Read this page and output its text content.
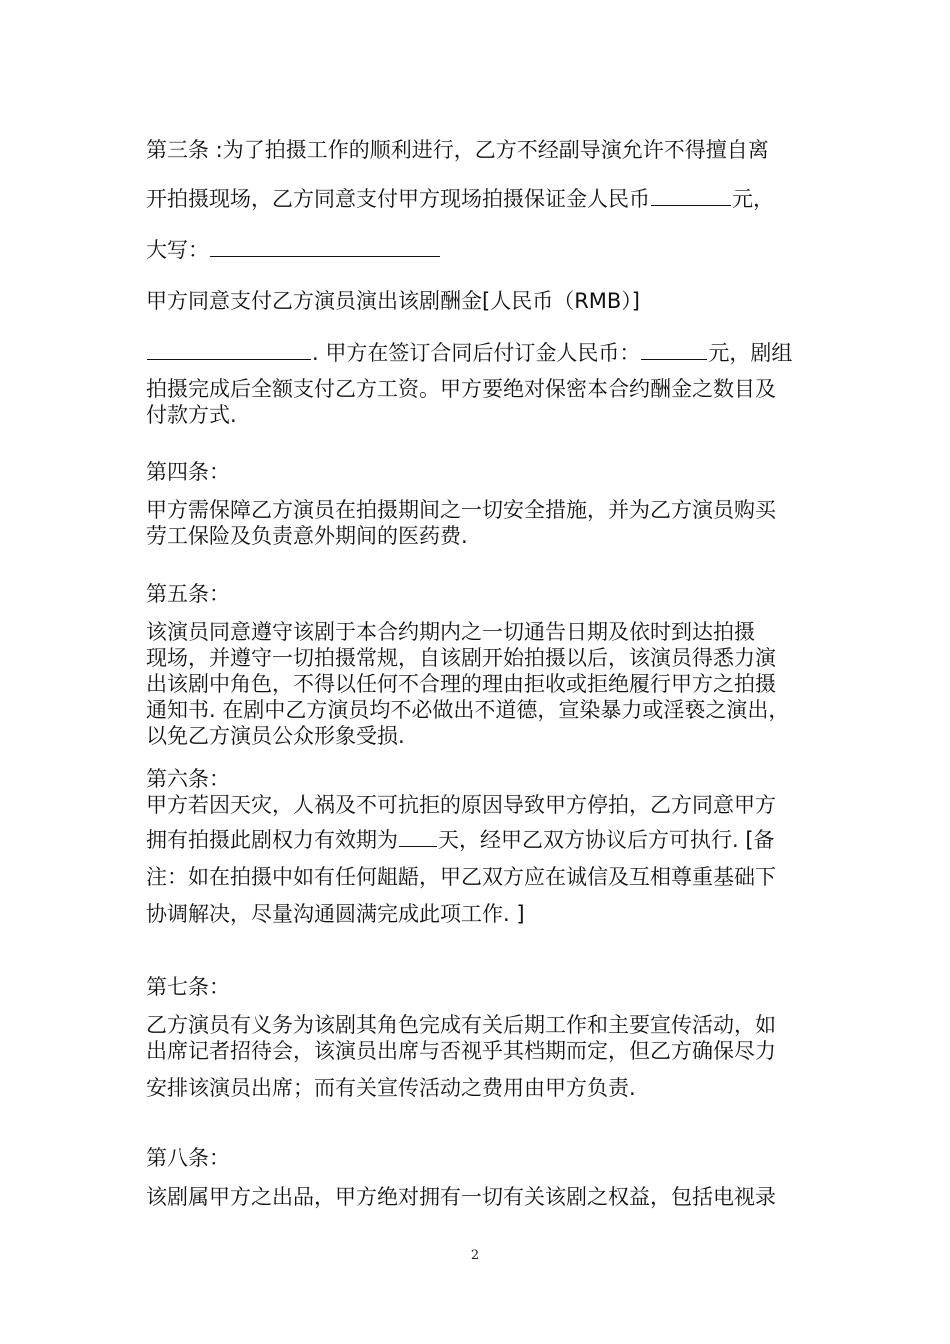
第三条 :为了拍摄工作的顺利进行，乙方不经副导演允许不得擅自离
开拍摄现场，乙方同意支付甲方现场拍摄保证金人民币	元，
大写：
甲方同意支付乙方演员演出该剧酬金[人民币（RMB）]
. 甲方在签订合同后付订金人民币：	元，剧组
拍摄完成后全额支付乙方工资。甲方要绝对保密本合约酬金之数目及
付款方式.
第四条：
甲方需保障乙方演员在拍摄期间之一切安全措施，并为乙方演员购买
劳工保险及负责意外期间的医药费.
第五条：
该演员同意遵守该剧于本合约期内之一切通告日期及依时到达拍摄
现场，并遵守一切拍摄常规，自该剧开始拍摄以后，该演员得悉力演
出该剧中角色，不得以任何不合理的理由拒收或拒绝履行甲方之拍摄
通知书. 在剧中乙方演员均不必做出不道德，宣染暴力或淫亵之演出，
以免乙方演员公众形象受损.
第六条：
甲方若因天灾，人祸及不可抗拒的原因导致甲方停拍，乙方同意甲方
拥有拍摄此剧权力有效期为 天，经甲乙双方协议后方可执行. [备
注：如在拍摄中如有任何龃龉，甲乙双方应在诚信及互相尊重基础下
协调解决，尽量沟通圆满完成此项工作. ]
第七条：
乙方演员有义务为该剧其角色完成有关后期工作和主要宣传活动，如
出席记者招待会，该演员出席与否视乎其档期而定，但乙方确保尽力
安排该演员出席；而有关宣传活动之费用由甲方负责.
第八条：
该剧属甲方之出品，甲方绝对拥有一切有关该剧之权益，包括电视录
2
